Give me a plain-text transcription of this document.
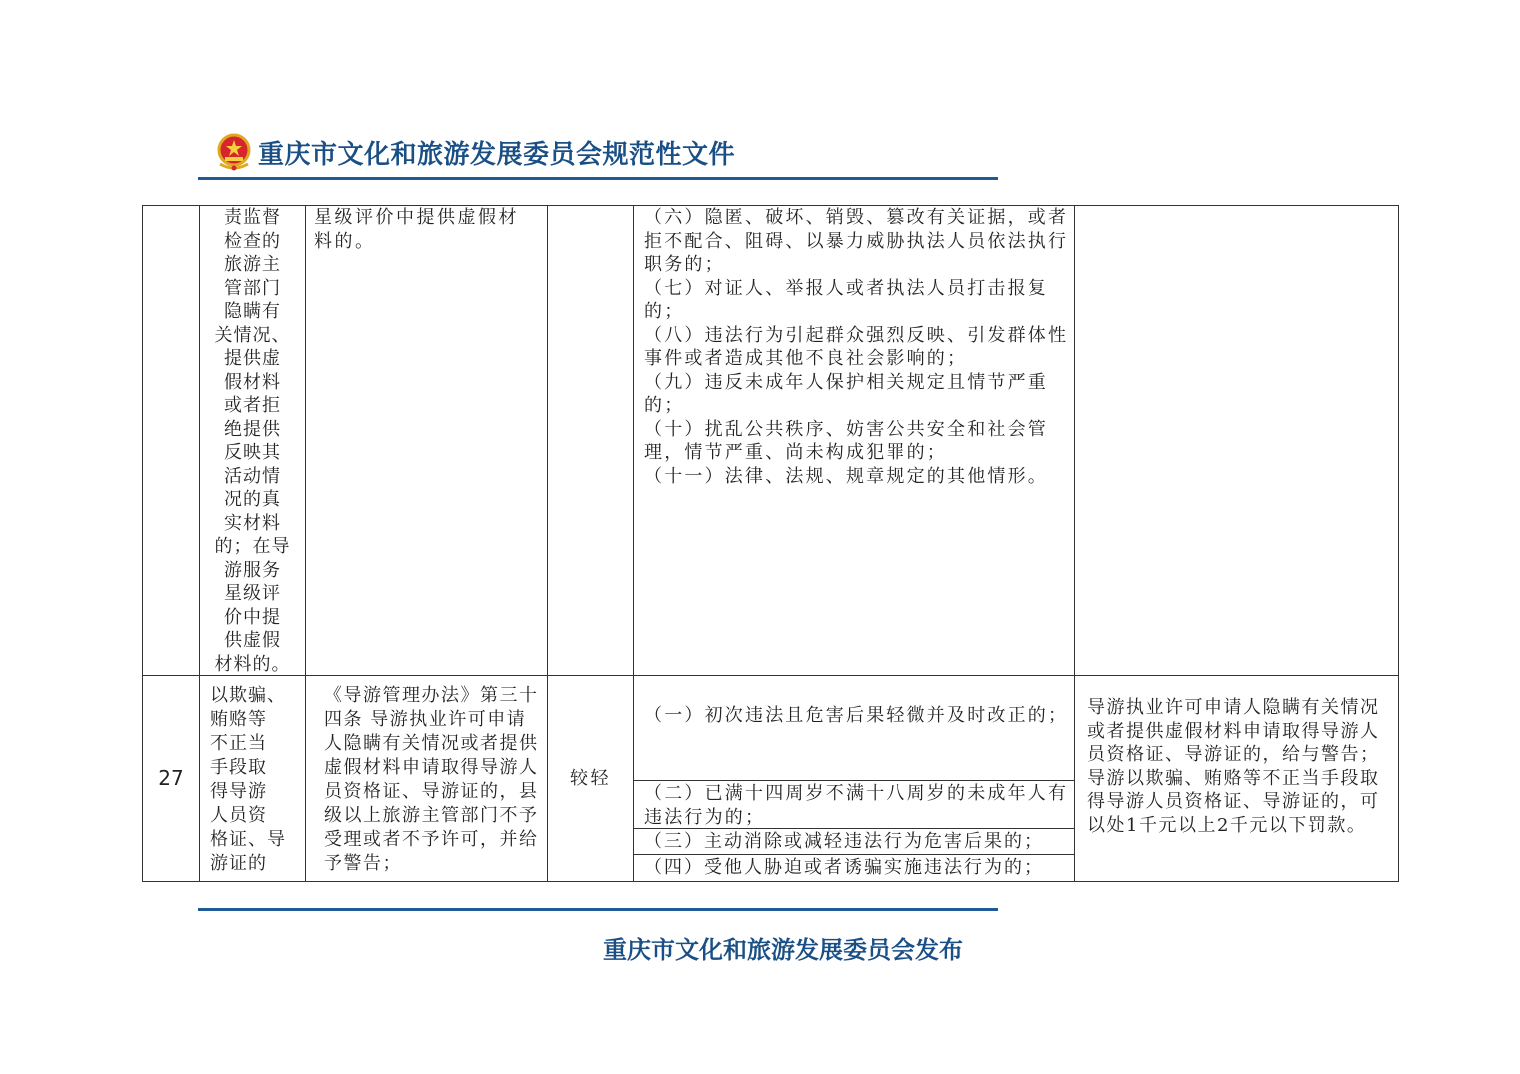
重庆市文化和旅游发展委员会规范性文件
责监督
检查的
旅游主
管部门
隐瞒有
关情况、
提供虚
假材料
或者拒
绝提供
反映其
活动情
况的真
实材料
的；在导
游服务
星级评
价中提
供虚假
材料的。
星级评价中提供虚假材料的。
（六）隐匿、破坏、销毁、篡改有关证据，或者拒不配合、阻碍、以暴力威胁执法人员依法执行职务的；
（七）对证人、举报人或者执法人员打击报复的；
（八）违法行为引起群众强烈反映、引发群体性事件或者造成其他不良社会影响的；
（九）违反未成年人保护相关规定且情节严重的；
（十）扰乱公共秩序、妨害公共安全和社会管理，情节严重、尚未构成犯罪的；
（十一）法律、法规、规章规定的其他情形。
27
以欺骗、
贿赂等
不正当
手段取
得导游
人员资
格证、导
游证的
《导游管理办法》第三十四条 导游执业许可申请人隐瞒有关情况或者提供虚假材料申请取得导游人员资格证、导游证的，县级以上旅游主管部门不予受理或者不予许可，并给予警告；
较轻
（一）初次违法且危害后果轻微并及时改正的；
（二）已满十四周岁不满十八周岁的未成年人有违法行为的；
（三）主动消除或减轻违法行为危害后果的；
（四）受他人胁迫或者诱骗实施违法行为的；
导游执业许可申请人隐瞒有关情况或者提供虚假材料申请取得导游人员资格证、导游证的，给与警告；导游以欺骗、贿赂等不正当手段取得导游人员资格证、导游证的，可以处1千元以上2千元以下罚款。
重庆市文化和旅游发展委员会发布
